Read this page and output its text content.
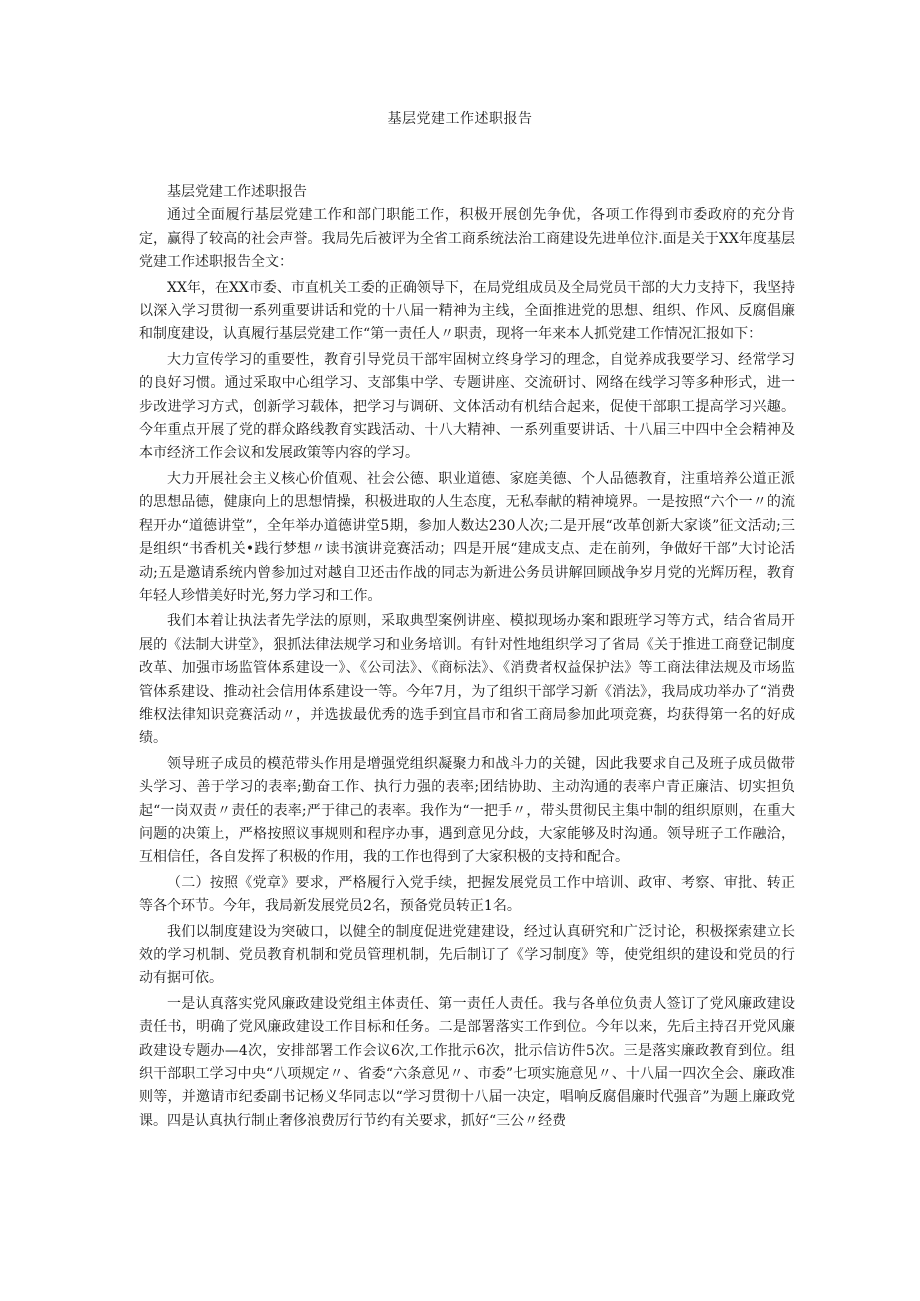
基层党建工作述职报告

基层党建工作述职报告

通过全面履行基层党建工作和部门职能工作，积极开展创先争优，各项工作得到市委政府的充分肯定，赢得了较高的社会声誉。我局先后被评为全省工商系统法治工商建设先进单位汴.面是关于XX年度基层党建工作述职报告全文：

XX年，在XX市委、市直机关工委的正确领导下，在局党组成员及全局党员干部的大力支持下，我坚持以深入学习贯彻一系列重要讲话和党的十八届一精神为主线，全面推进党的思想、组织、作风、反腐倡廉和制度建设，认真履行基层党建工作“第一责任人〃职责，现将一年来本人抓党建工作情况汇报如下：

大力宣传学习的重要性，教育引导党员干部牢固树立终身学习的理念，自觉养成我要学习、经常学习的良好习惯。通过采取中心组学习、支部集中学、专题讲座、交流研讨、网络在线学习等多种形式，进一步改进学习方式，创新学习载体，把学习与调研、文体活动有机结合起来，促使干部职工提高学习兴趣。今年重点开展了党的群众路线教育实践活动、十八大精神、一系列重要讲话、十八届三中四中全会精神及本市经济工作会议和发展政策等内容的学习。

大力开展社会主义核心价值观、社会公德、职业道德、家庭美德、个人品德教育，注重培养公道正派的思想品德，健康向上的思想情操，积极进取的人生态度，无私奉献的精神境界。一是按照“六个一〃的流程开办“道德讲堂”，全年举办道德讲堂5期，参加人数达230人次;二是开展“改革创新大家谈”征文活动;三是组织“书香机关•践行梦想〃读书演讲竞赛活动；四是开展“建成支点、走在前列，争做好干部”大讨论活动;五是邀请系统内曾参加过对越自卫还击作战的同志为新进公务员讲解回顾战争岁月党的光辉历程，教育年轻人珍惜美好时光,努力学习和工作。

我们本着让执法者先学法的原则，采取典型案例讲座、模拟现场办案和跟班学习等方式，结合省局开展的《法制大讲堂》，狠抓法律法规学习和业务培训。有针对性地组织学习了省局《关于推进工商登记制度改革、加强市场监管体系建设一》、《公司法》、《商标法》、《消费者权益保护法》等工商法律法规及市场监管体系建设、推动社会信用体系建设一等。今年7月，为了组织干部学习新《消法》，我局成功举办了“消费维权法律知识竞赛活动〃，并选拔最优秀的选手到宜昌市和省工商局参加此项竞赛，均获得第一名的好成绩。

领导班子成员的模范带头作用是增强党组织凝聚力和战斗力的关键，因此我要求自己及班子成员做带头学习、善于学习的表率;勤奋工作、执行力强的表率;团结协助、主动沟通的表率户青正廉洁、切实担负起“一岗双责〃责任的表率;严于律己的表率。我作为“一把手〃，带头贯彻民主集中制的组织原则，在重大问题的决策上，严格按照议事规则和程序办事，遇到意见分歧，大家能够及时沟通。领导班子工作融洽，互相信任，各自发挥了积极的作用，我的工作也得到了大家积极的支持和配合。

（二）按照《党章》要求，严格履行入党手续，把握发展党员工作中培训、政审、考察、审批、转正等各个环节。今年，我局新发展党员2名，预备党员转正1名。

我们以制度建设为突破口，以健全的制度促进党建建设，经过认真研究和广泛讨论，积极探索建立长效的学习机制、党员教育机制和党员管理机制，先后制订了《学习制度》等，使党组织的建设和党员的行动有据可依。

一是认真落实党风廉政建设党组主体责任、第一责任人责任。我与各单位负责人签订了党风廉政建设责任书，明确了党风廉政建设工作目标和任务。二是部署落实工作到位。今年以来，先后主持召开党风廉政建设专题办—4次，安排部署工作会议6次,工作批示6次，批示信访件5次。三是落实廉政教育到位。组织干部职工学习中央“八项规定〃、省委“六条意见〃、市委”七项实施意见〃、十八届一四次全会、廉政准则等，并邀请市纪委副书记杨义华同志以“学习贯彻十八届一决定，唱响反腐倡廉时代强音”为题上廉政党课。四是认真执行制止奢侈浪费厉行节约有关要求，抓好“三公〃经费
